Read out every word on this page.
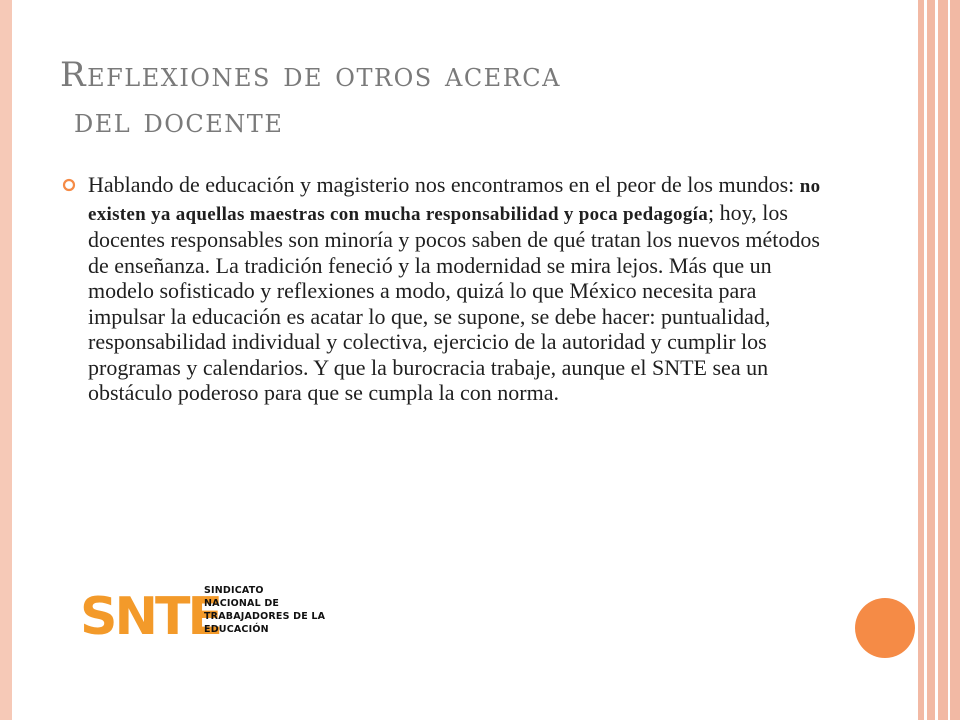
Reflexiones de otros acerca
del docente

Hablando de educación y magisterio nos encontramos en el peor de los mundos: no existen ya aquellas maestras con mucha responsabilidad y poca pedagogía; hoy, los docentes responsables son minoría y pocos saben de qué tratan los nuevos métodos de enseñanza. La tradición feneció y la modernidad se mira lejos. Más que un modelo sofisticado y reflexiones a modo, quizá lo que México necesita para impulsar la educación es acatar lo que, se supone, se debe hacer: puntualidad, responsabilidad individual y colectiva, ejercicio de la autoridad y cumplir los programas y calendarios. Y que la burocracia trabaje, aunque el SNTE sea un obstáculo poderoso para que se cumpla la con norma.

SNTE
SINDICATO
NACIONAL DE
TRABAJADORES DE LA
EDUCACIÓN
